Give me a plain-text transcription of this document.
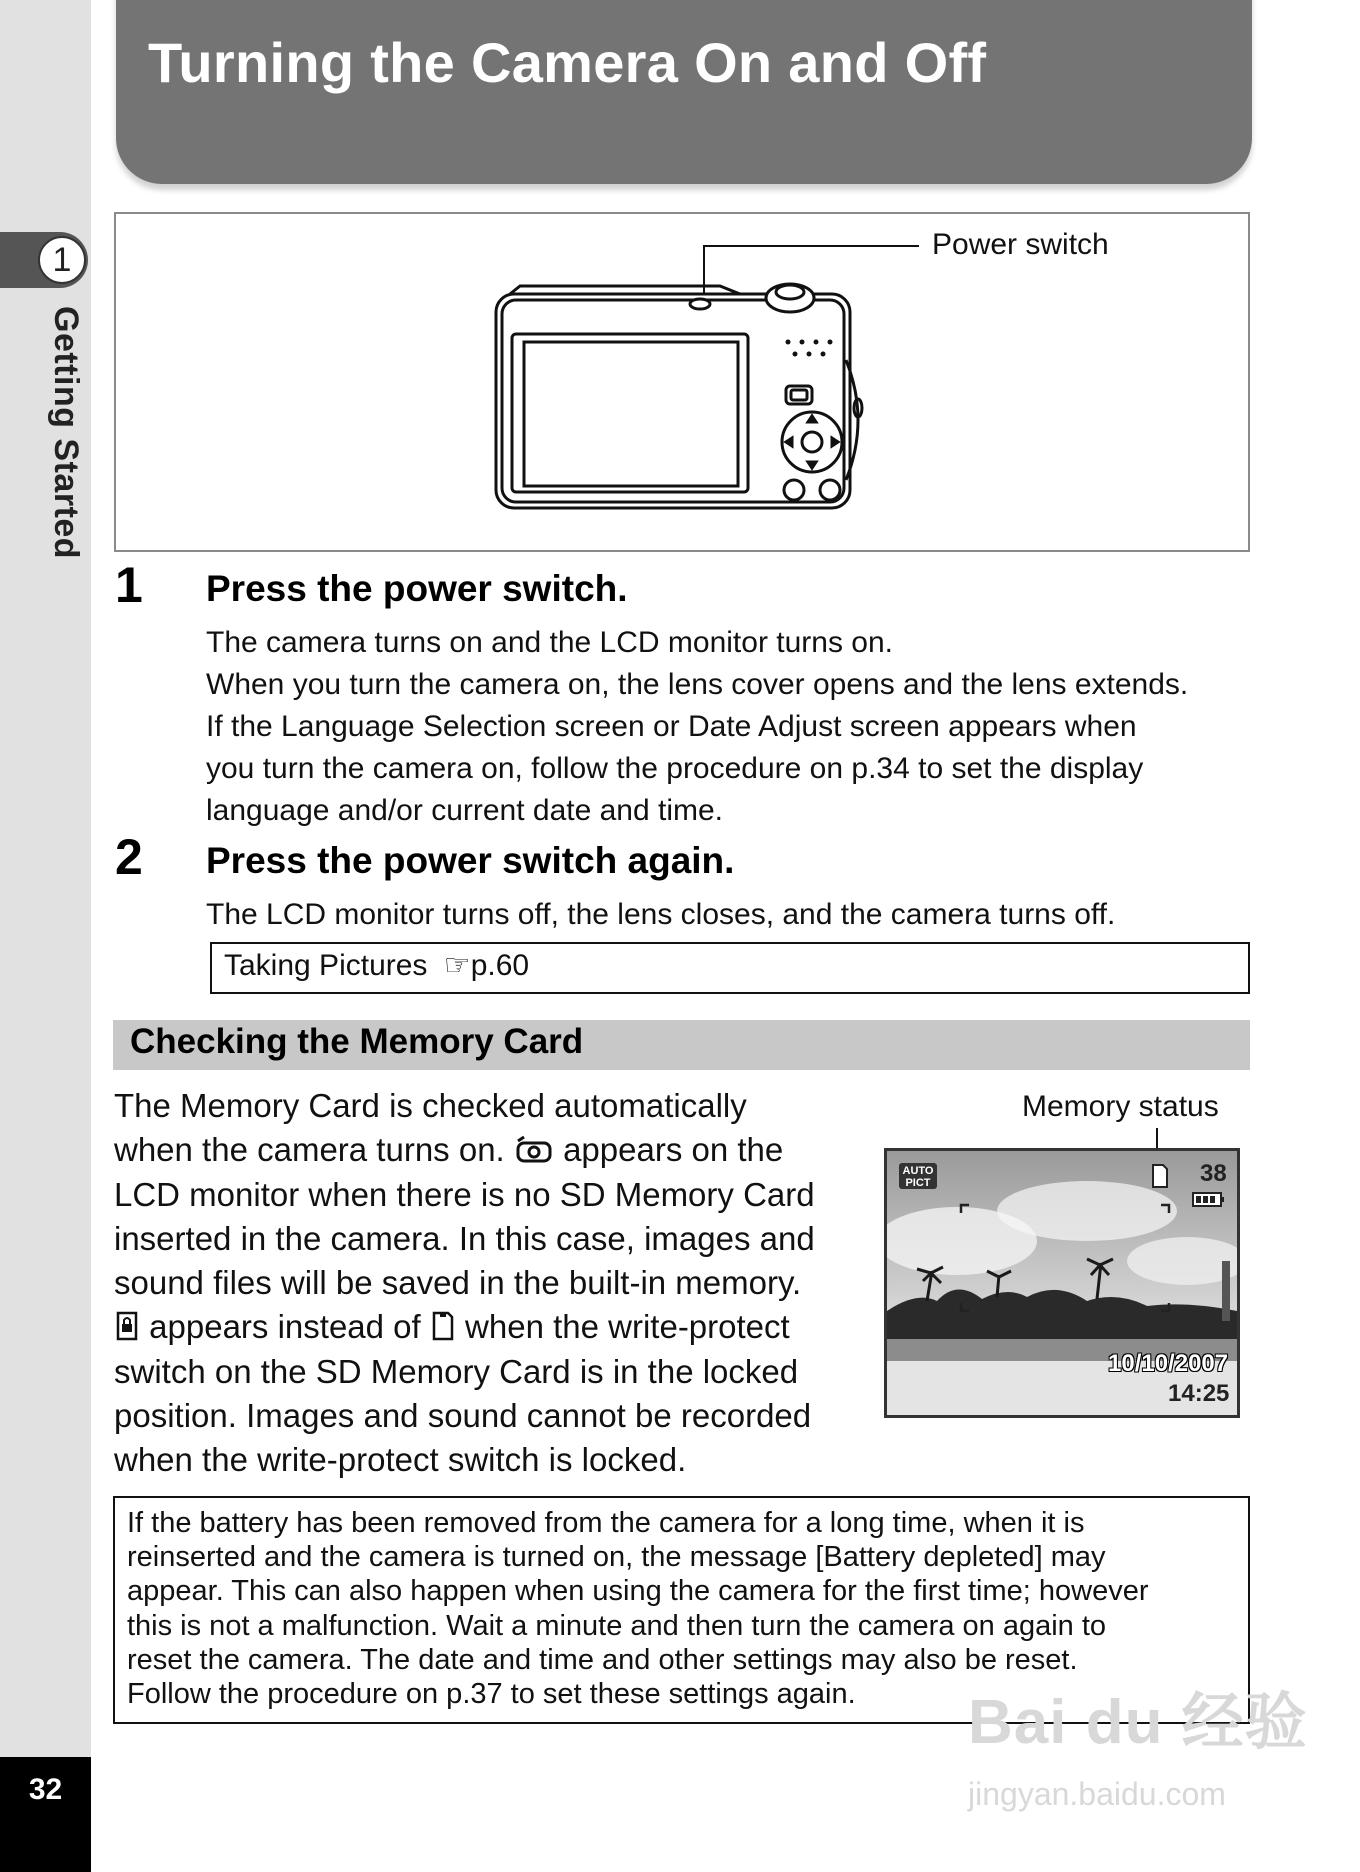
1
Getting Started
32
Turning the Camera On and Off
Power switch
1 Press the power switch.
The camera turns on and the LCD monitor turns on.
When you turn the camera on, the lens cover opens and the lens extends.
If the Language Selection screen or Date Adjust screen appears when
you turn the camera on, follow the procedure on p.34 to set the display
language and/or current date and time.
2 Press the power switch again.
The LCD monitor turns off, the lens closes, and the camera turns off.
Taking Pictures ☞p.60
Checking the Memory Card
The Memory Card is checked automatically
when the camera turns on. appears on the
LCD monitor when there is no SD Memory Card
inserted in the camera. In this case, images and
sound files will be saved in the built-in memory.
appears instead of when the write-protect
switch on the SD Memory Card is in the locked
position. Images and sound cannot be recorded
when the write-protect switch is locked.
Memory status
AUTO
PICT	38
10/10/2007
14:25
If the battery has been removed from the camera for a long time, when it is
reinserted and the camera is turned on, the message [Battery depleted] may
appear. This can also happen when using the camera for the first time; however
this is not a malfunction. Wait a minute and then turn the camera on again to
reset the camera. The date and time and other settings may also be reset.
Follow the procedure on p.37 to set these settings again.	Bai du 经验
jingyan.baidu.com
